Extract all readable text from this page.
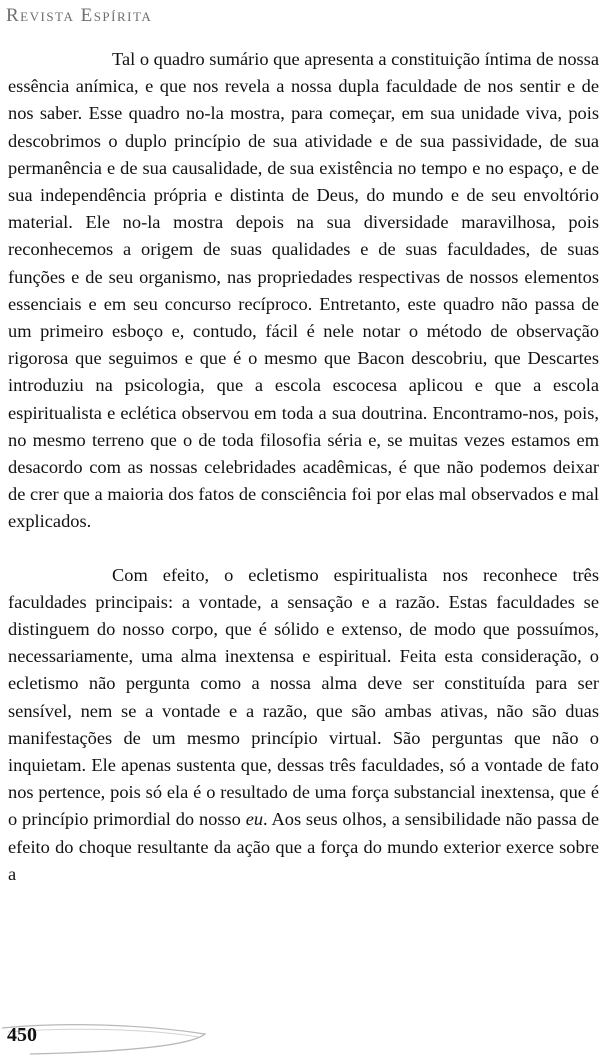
Revista Espírita

Tal o quadro sumário que apresenta a constituição íntima de nossa essência anímica, e que nos revela a nossa dupla faculdade de nos sentir e de nos saber. Esse quadro no-la mostra, para começar, em sua unidade viva, pois descobrimos o duplo princípio de sua atividade e de sua passividade, de sua permanência e de sua causalidade, de sua existência no tempo e no espaço, e de sua independência própria e distinta de Deus, do mundo e de seu envoltório material. Ele no-la mostra depois na sua diversidade maravilhosa, pois reconhecemos a origem de suas qualidades e de suas faculdades, de suas funções e de seu organismo, nas propriedades respectivas de nossos elementos essenciais e em seu concurso recíproco. Entretanto, este quadro não passa de um primeiro esboço e, contudo, fácil é nele notar o método de observação rigorosa que seguimos e que é o mesmo que Bacon descobriu, que Descartes introduziu na psicologia, que a escola escocesa aplicou e que a escola espiritualista e eclética observou em toda a sua doutrina. Encontramo-nos, pois, no mesmo terreno que o de toda filosofia séria e, se muitas vezes estamos em desacordo com as nossas celebridades acadêmicas, é que não podemos deixar de crer que a maioria dos fatos de consciência foi por elas mal observados e mal explicados.

Com efeito, o ecletismo espiritualista nos reconhece três faculdades principais: a vontade, a sensação e a razão. Estas faculdades se distinguem do nosso corpo, que é sólido e extenso, de modo que possuímos, necessariamente, uma alma inextensa e espiritual. Feita esta consideração, o ecletismo não pergunta como a nossa alma deve ser constituída para ser sensível, nem se a vontade e a razão, que são ambas ativas, não são duas manifestações de um mesmo princípio virtual. São perguntas que não o inquietam. Ele apenas sustenta que, dessas três faculdades, só a vontade de fato nos pertence, pois só ela é o resultado de uma força substancial inextensa, que é o princípio primordial do nosso eu. Aos seus olhos, a sensibilidade não passa de efeito do choque resultante da ação que a força do mundo exterior exerce sobre a

450
